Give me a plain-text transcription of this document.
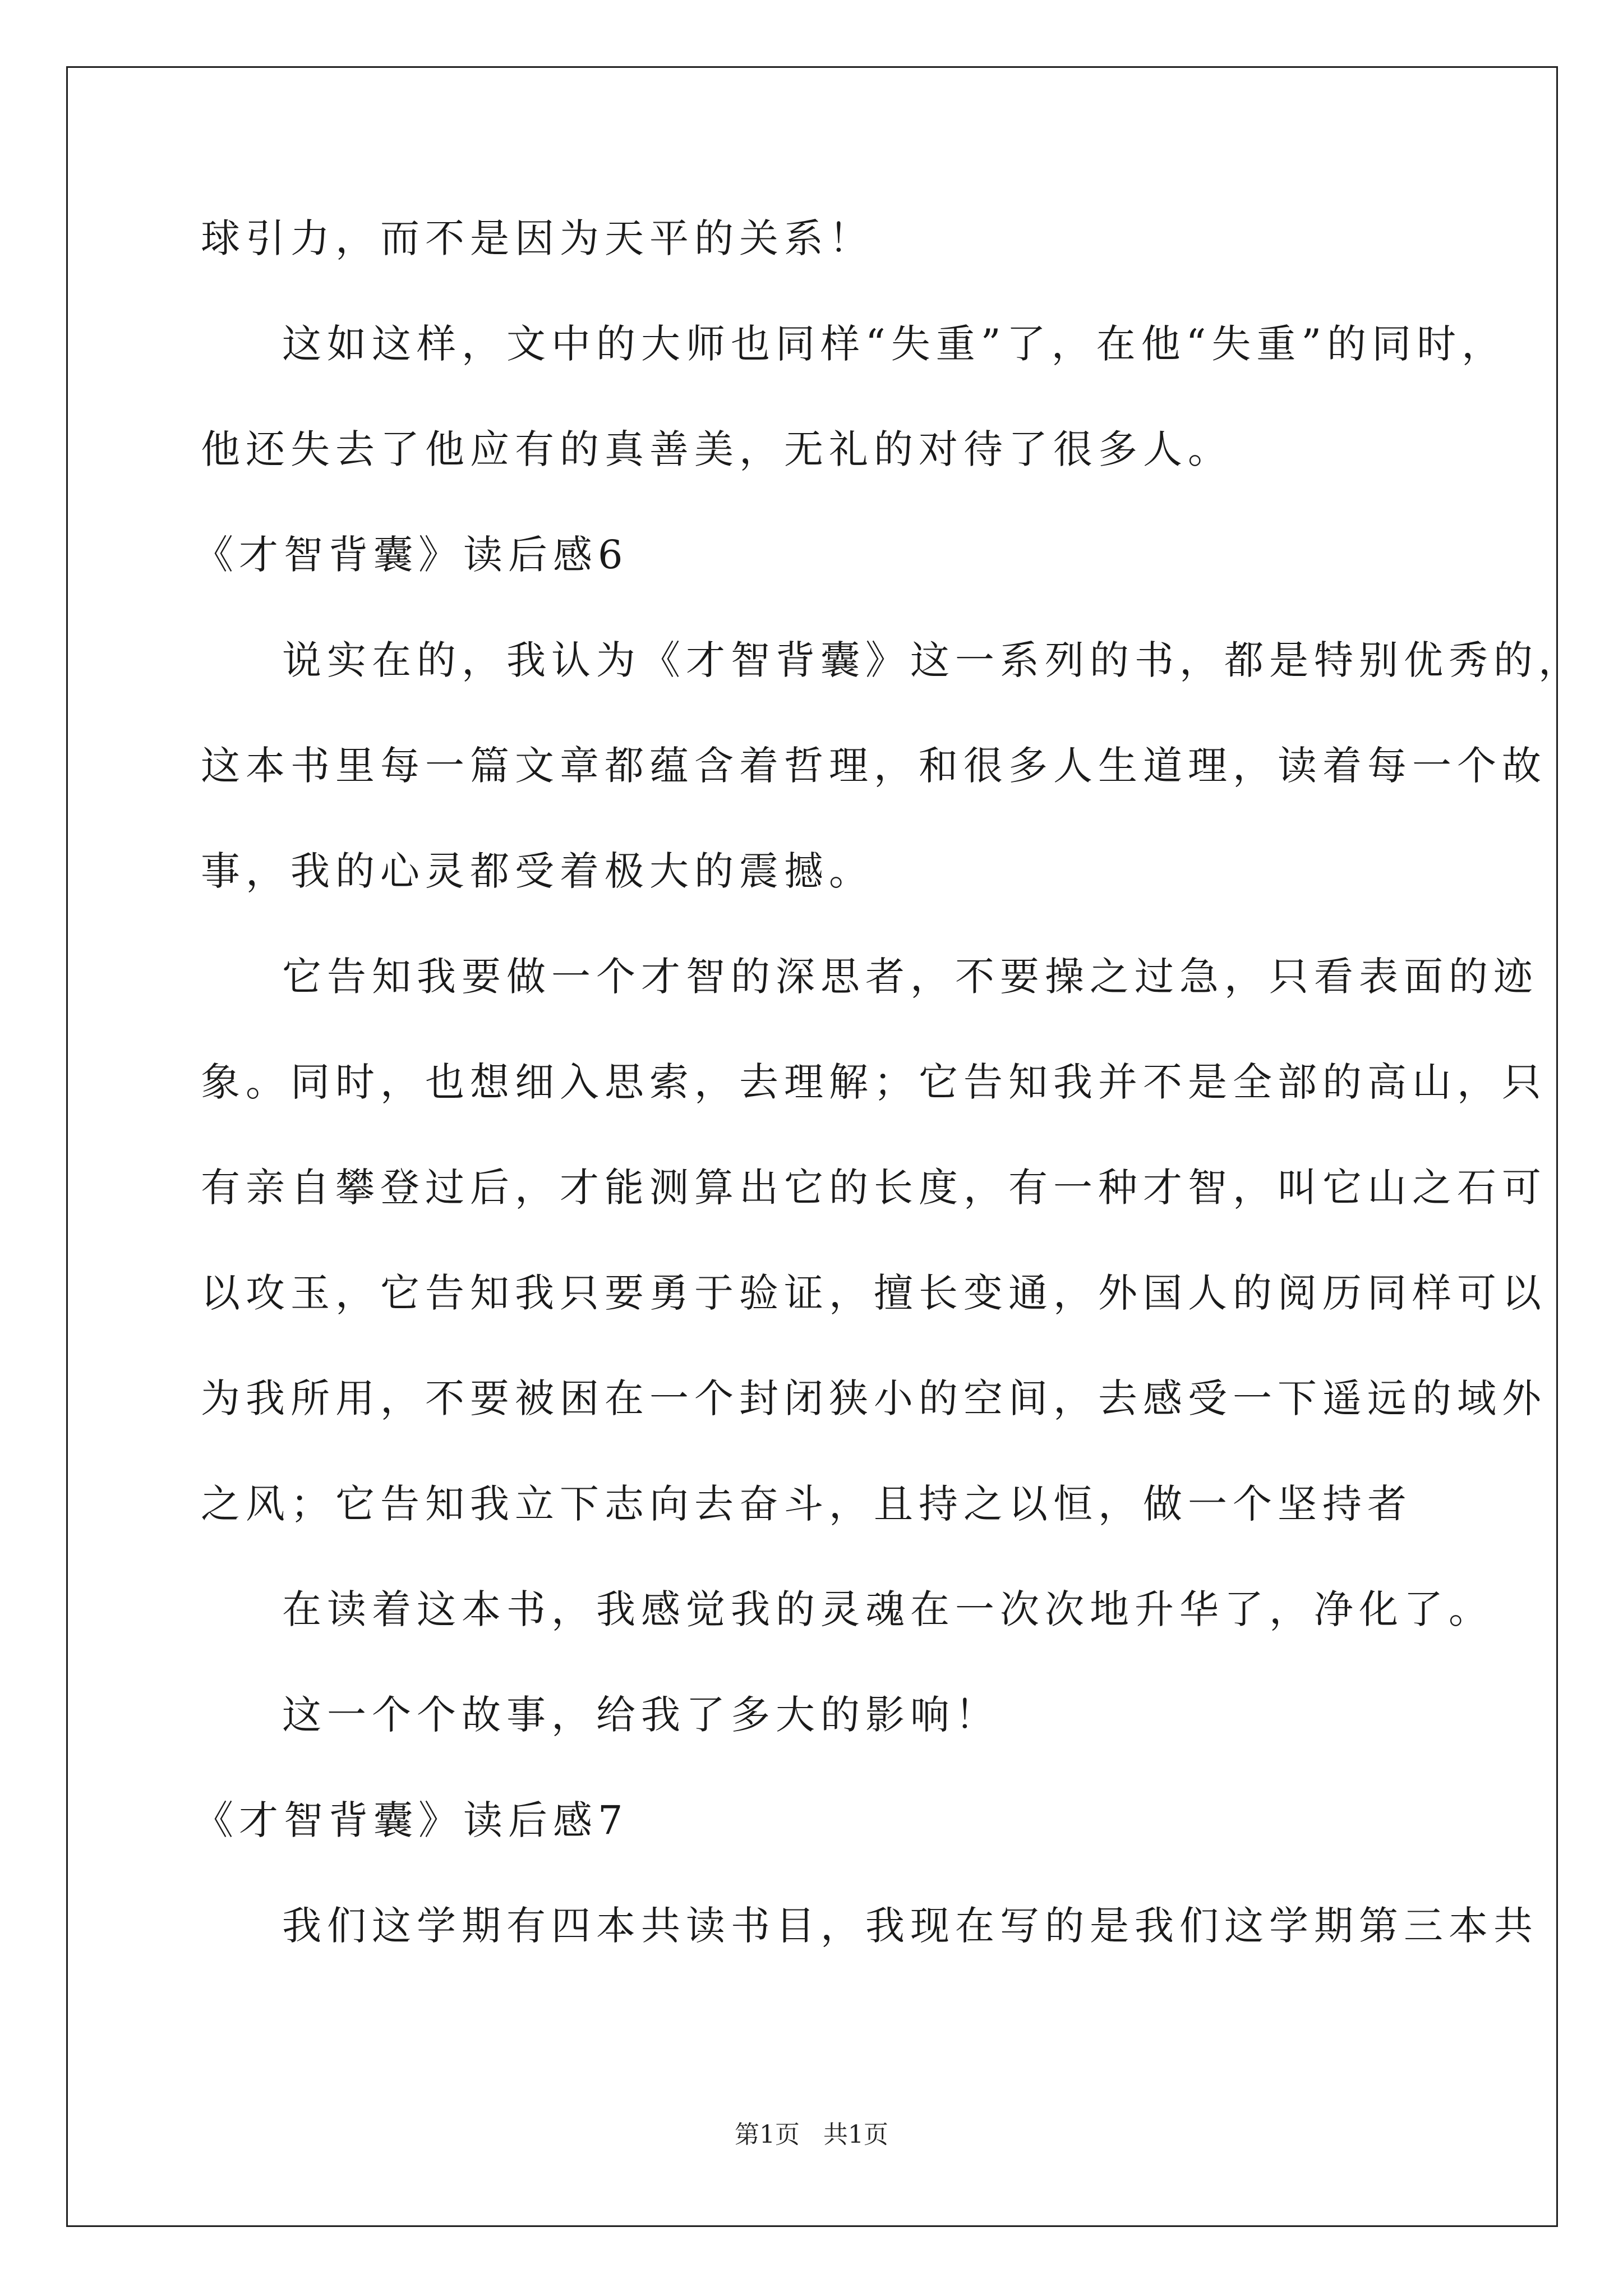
球引力，而不是因为天平的关系！
这如这样，文中的大师也同样“失重”了，在他“失重”的同时，
他还失去了他应有的真善美，无礼的对待了很多人。
《才智背囊》读后感6
说实在的，我认为《才智背囊》这一系列的书，都是特别优秀的，
这本书里每一篇文章都蕴含着哲理，和很多人生道理，读着每一个故
事，我的心灵都受着极大的震撼。
它告知我要做一个才智的深思者，不要操之过急，只看表面的迹
象。同时，也想细入思索，去理解；它告知我并不是全部的高山，只
有亲自攀登过后，才能测算出它的长度，有一种才智，叫它山之石可
以攻玉，它告知我只要勇于验证，擅长变通，外国人的阅历同样可以
为我所用，不要被困在一个封闭狭小的空间，去感受一下遥远的域外
之风；它告知我立下志向去奋斗，且持之以恒，做一个坚持者
在读着这本书，我感觉我的灵魂在一次次地升华了，净化了。
这一个个故事，给我了多大的影响！
《才智背囊》读后感7
我们这学期有四本共读书目，我现在写的是我们这学期第三本共
第1页 共1页
